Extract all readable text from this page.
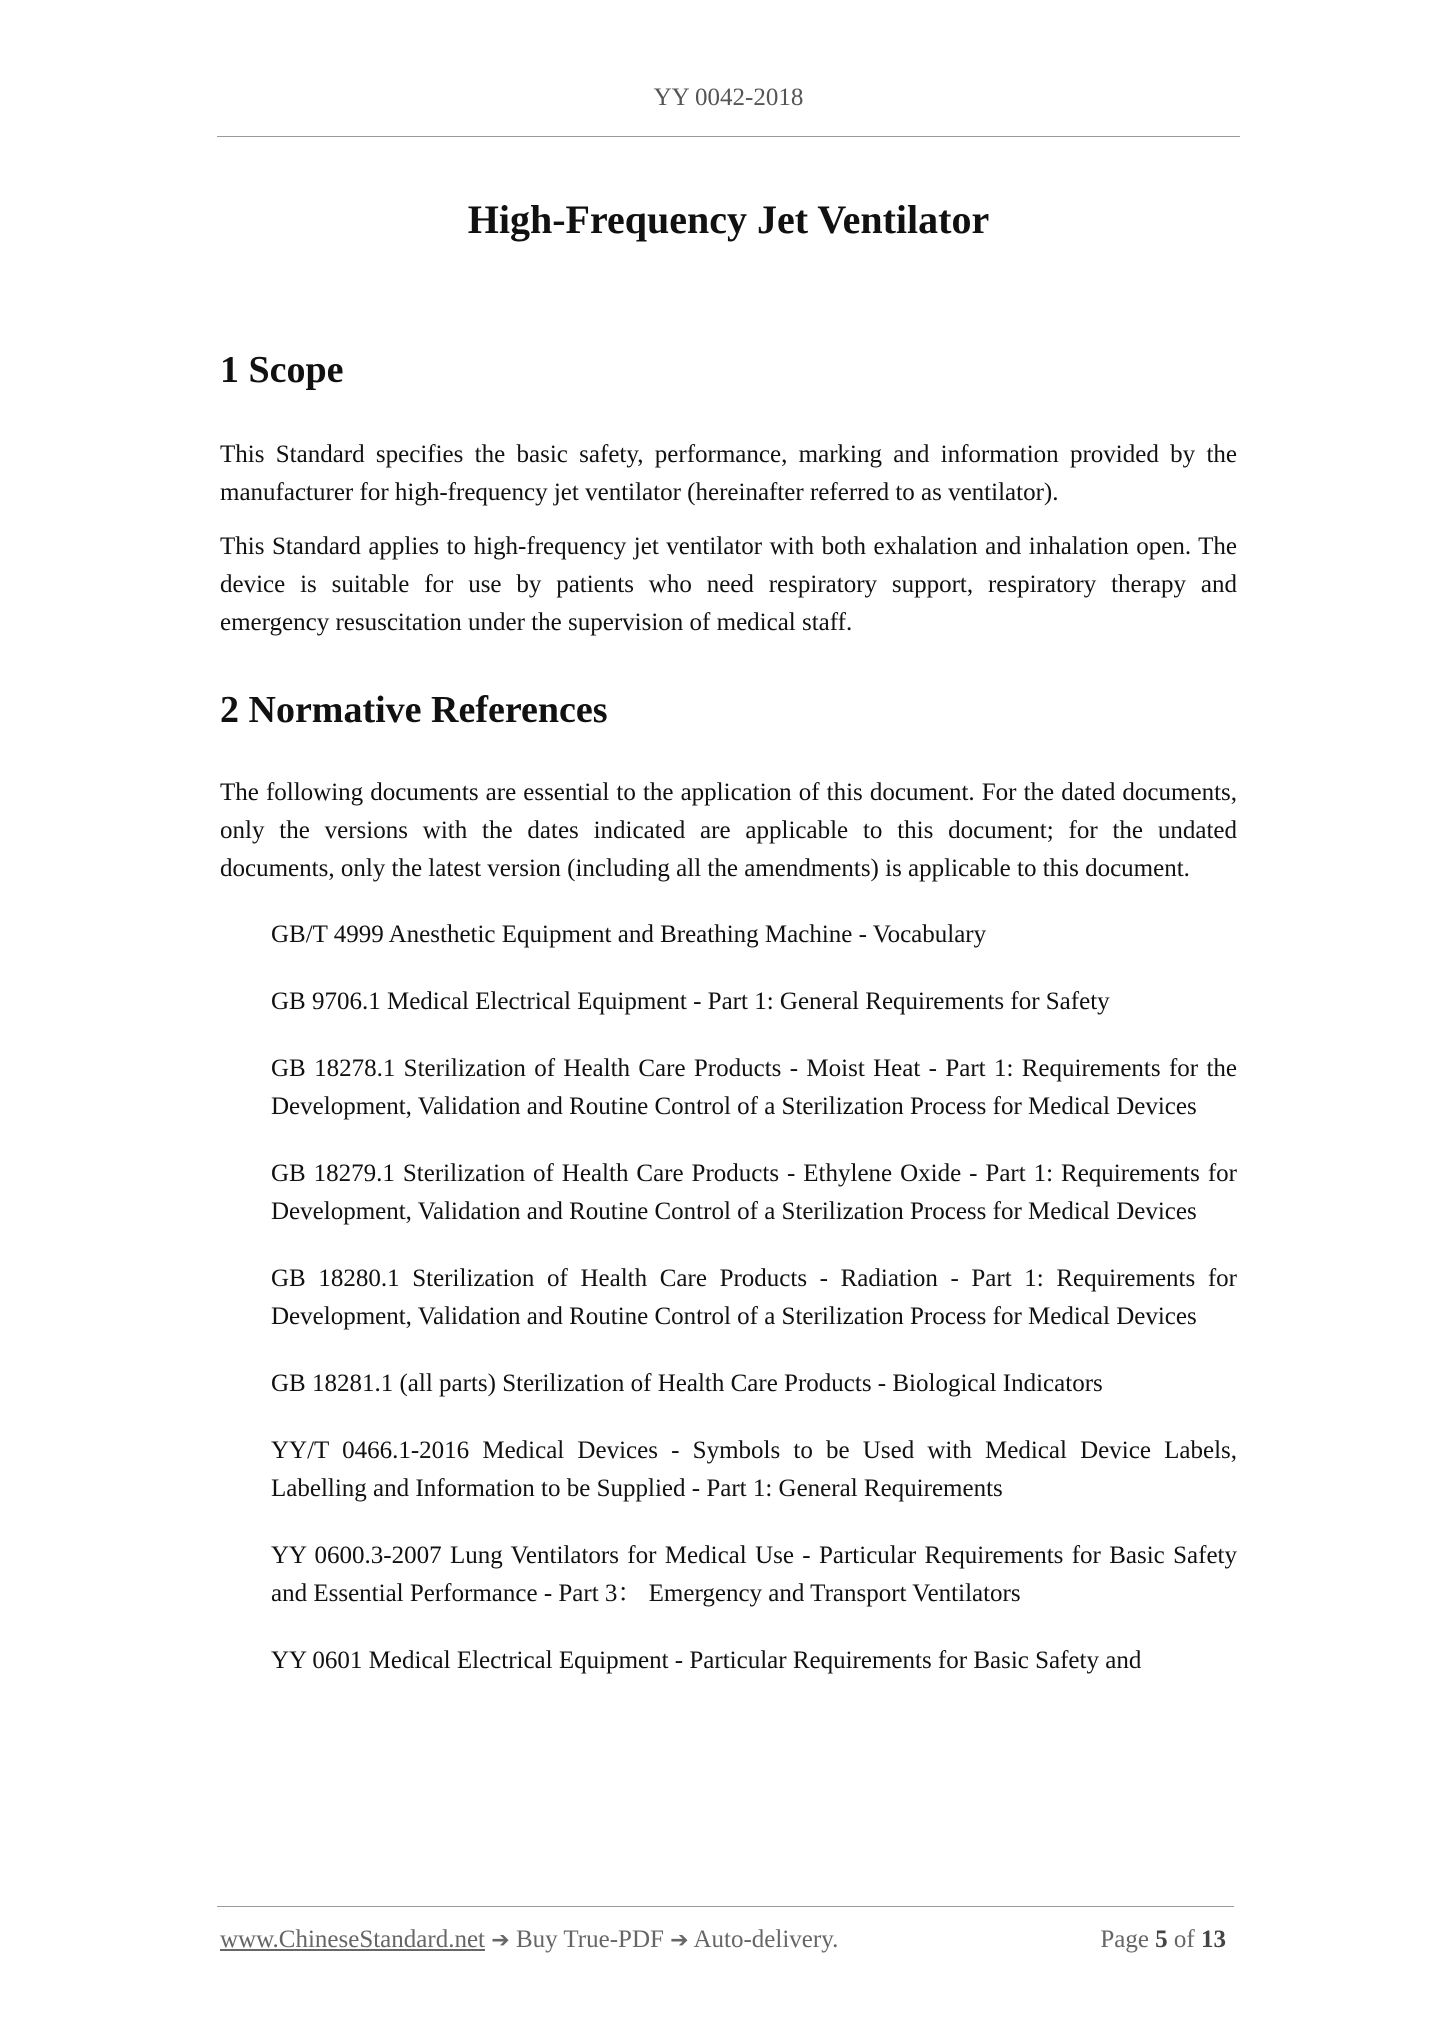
YY 0042-2018
High-Frequency Jet Ventilator
1 Scope

This Standard specifies the basic safety, performance, marking and information provided by the manufacturer for high-frequency jet ventilator (hereinafter referred to as ventilator).

This Standard applies to high-frequency jet ventilator with both exhalation and inhalation open. The device is suitable for use by patients who need respiratory support, respiratory therapy and emergency resuscitation under the supervision of medical staff.

2 Normative References

The following documents are essential to the application of this document. For the dated documents, only the versions with the dates indicated are applicable to this document; for the undated documents, only the latest version (including all the amendments) is applicable to this document.

GB/T 4999 Anesthetic Equipment and Breathing Machine - Vocabulary

GB 9706.1 Medical Electrical Equipment - Part 1: General Requirements for Safety

GB 18278.1 Sterilization of Health Care Products - Moist Heat - Part 1: Requirements for the Development, Validation and Routine Control of a Sterilization Process for Medical Devices

GB 18279.1 Sterilization of Health Care Products - Ethylene Oxide - Part 1: Requirements for Development, Validation and Routine Control of a Sterilization Process for Medical Devices

GB 18280.1 Sterilization of Health Care Products - Radiation - Part 1: Requirements for Development, Validation and Routine Control of a Sterilization Process for Medical Devices

GB 18281.1 (all parts) Sterilization of Health Care Products - Biological Indicators

YY/T 0466.1-2016 Medical Devices - Symbols to be Used with Medical Device Labels, Labelling and Information to be Supplied - Part 1: General Requirements

YY 0600.3-2007 Lung Ventilators for Medical Use - Particular Requirements for Basic Safety and Essential Performance - Part 3： Emergency and Transport Ventilators

YY 0601 Medical Electrical Equipment - Particular Requirements for Basic Safety and

www.ChineseStandard.net ➔ Buy True-PDF ➔ Auto-delivery.	Page 5 of 13
